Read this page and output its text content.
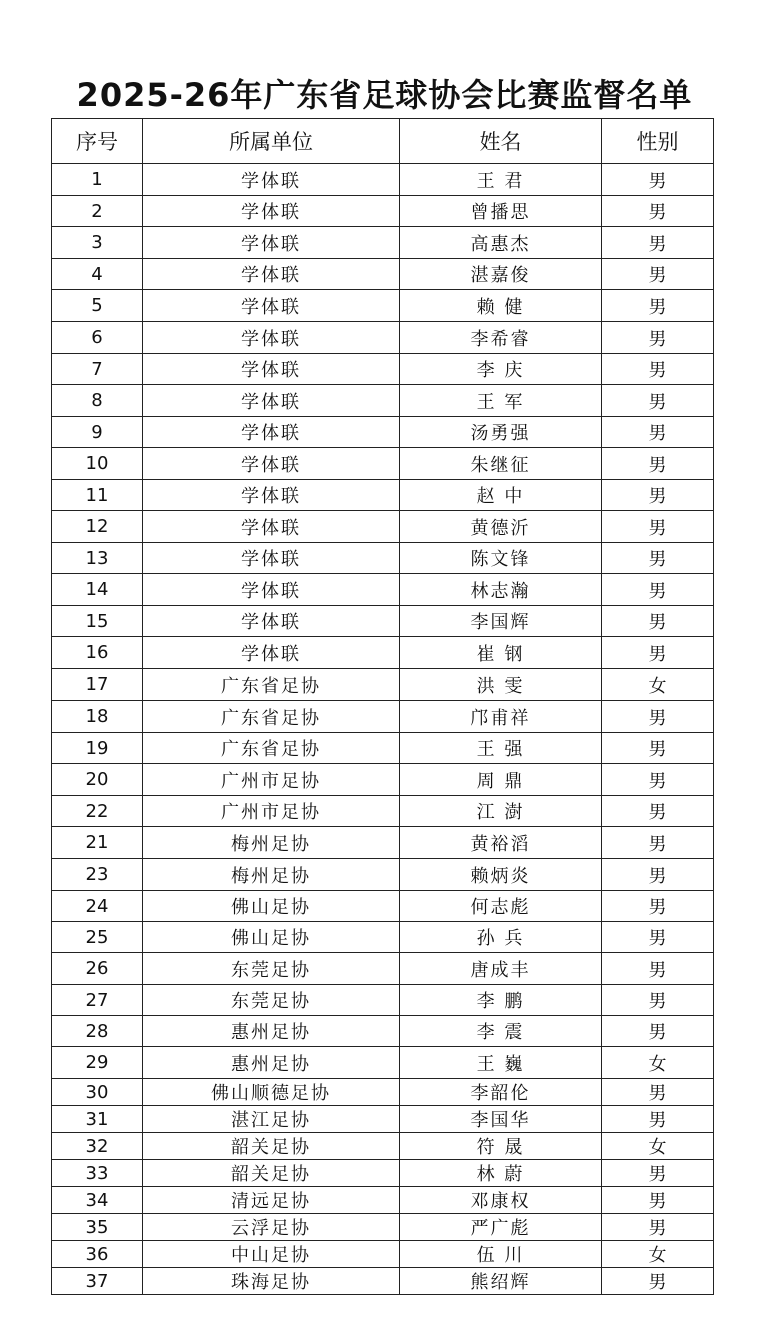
2025-26年广东省足球协会比赛监督名单
序号	所属单位	姓名	性别
1	学体联	王 君	男
2	学体联	曾播思	男
3	学体联	高惠杰	男
4	学体联	湛嘉俊	男
5	学体联	赖 健	男
6	学体联	李希睿	男
7	学体联	李 庆	男
8	学体联	王 军	男
9	学体联	汤勇强	男
10	学体联	朱继征	男
11	学体联	赵 中	男
12	学体联	黄德沂	男
13	学体联	陈文锋	男
14	学体联	林志瀚	男
15	学体联	李国辉	男
16	学体联	崔 钢	男
17	广东省足协	洪 雯	女
18	广东省足协	邝甫祥	男
19	广东省足协	王 强	男
20	广州市足协	周 鼎	男
22	广州市足协	江 澍	男
21	梅州足协	黄裕滔	男
23	梅州足协	赖炳炎	男
24	佛山足协	何志彪	男
25	佛山足协	孙 兵	男
26	东莞足协	唐成丰	男
27	东莞足协	李 鹏	男
28	惠州足协	李 震	男
29	惠州足协	王 巍	女
30	佛山顺德足协	李韶伦	男
31	湛江足协	李国华	男
32	韶关足协	符 晟	女
33	韶关足协	林 蔚	男
34	清远足协	邓康权	男
35	云浮足协	严广彪	男
36	中山足协	伍 川	女
37	珠海足协	熊绍辉	男
